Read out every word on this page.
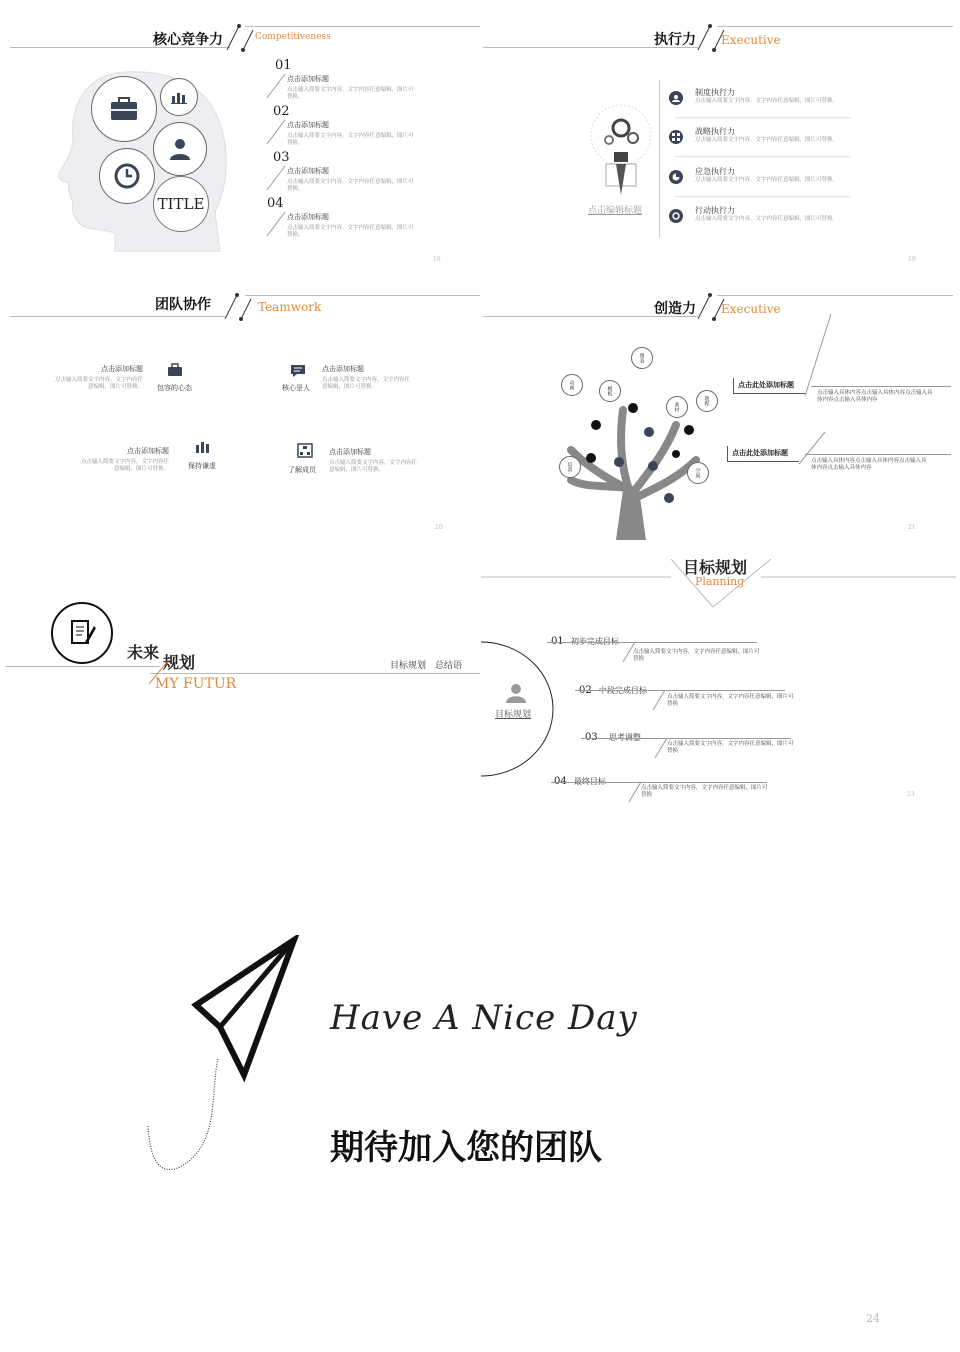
核心竞争力	Competitiveness
TITLE
01
点击添加标题
点击输入简要文字内容，文字内容任意编辑，图片可替换。
02
点击添加标题
点击输入简要文字内容，文字内容任意编辑，图片可替换。
03
点击添加标题
点击输入简要文字内容，文字内容任意编辑，图片可替换。
04
点击添加标题
点击输入简要文字内容，文字内容任意编辑，图片可替换。
18
执行力 Executive
点击编辑标题
制度执行力
点击输入简要文字内容，文字内容任意编辑，图片可替换。
战略执行力
点击输入简要文字内容，文字内容任意编辑，图片可替换。
应急执行力
点击输入简要文字内容，文字内容任意编辑，图片可替换。
行动执行力
点击输入简要文字内容，文字内容任意编辑，图片可替换。
19
团队协作	Teamwork
点击添加标题
点击输入简要文字内容，文字内容任意编辑，图片可替换。 包容的心态	核心是人
点击添加标题
点击输入简要文字内容，文字内容任意编辑，图片可替换。
点击添加标题
点击输入简要文字内容，文字内容任意编辑，图片可替换。	保持谦虚	了解成员
点击添加标题
点击输入简要文字内容，文字内容任意编辑，图片可替换。
20
创造力 Executive
动画
模板
图表
素材
教程
培训
空间
点击此处添加标题
点击输入具体内容点击输入具体内容点击输入具体内容点击输入具体内容
点击此处添加标题
点击输入具体内容点击输入具体内容点击输入具体内容点击输入具体内容
21
未来
规划
MY FUTUR
目标规划 总结语
目标规划
Planning
目标规划
点击输入简要文字内容，文字内容任意编辑，图片可替换
点击输入简要文字内容，文字内容任意编辑，图片可替换
点击输入简要文字内容，文字内容任意编辑，图片可替换
点击输入简要文字内容，文字内容任意编辑，图片可替换	23
Have A Nice Day
期待加入您的团队
24
